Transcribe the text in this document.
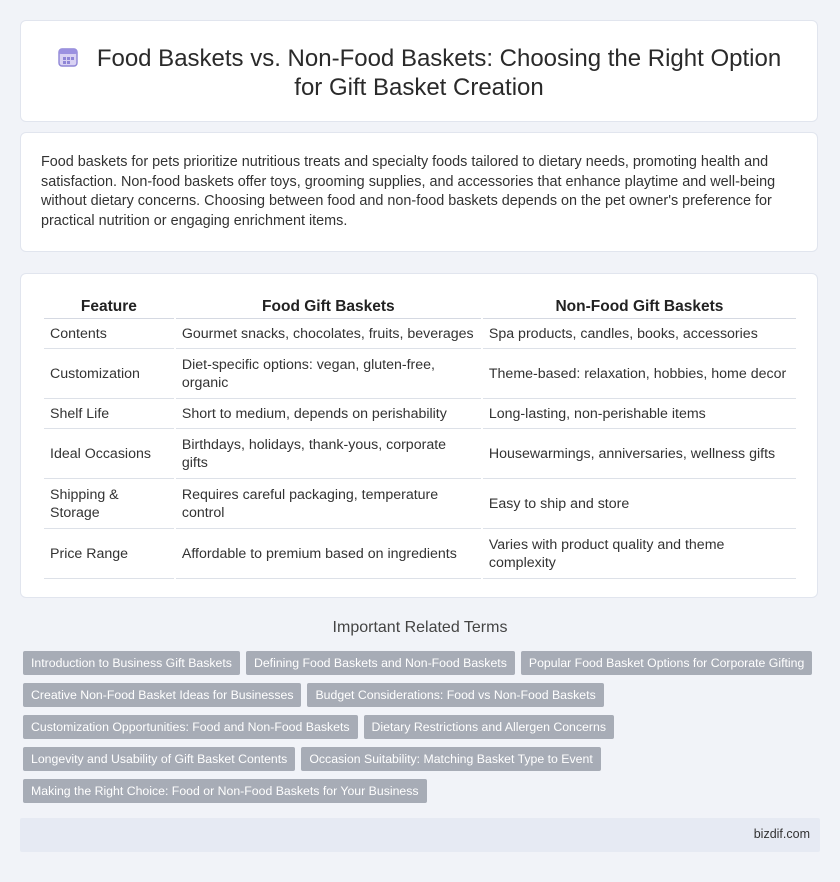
Food Baskets vs. Non-Food Baskets: Choosing the Right Option
for Gift Basket Creation
Food baskets for pets prioritize nutritious treats and specialty foods tailored to dietary needs, promoting health and
satisfaction. Non-food baskets offer toys, grooming supplies, and accessories that enhance playtime and well-being
without dietary concerns. Choosing between food and non-food baskets depends on the pet owner's preference for
practical nutrition or engaging enrichment items.
Feature	Food Gift Baskets	Non-Food Gift Baskets
Contents	Gourmet snacks, chocolates, fruits, beverages	Spa products, candles, books, accessories
Customization	Diet-specific options: vegan, gluten-free, organic	Theme-based: relaxation, hobbies, home decor
Shelf Life	Short to medium, depends on perishability	Long-lasting, non-perishable items
Ideal Occasions	Birthdays, holidays, thank-yous, corporate gifts	Housewarmings, anniversaries, wellness gifts
Shipping & Storage	Requires careful packaging, temperature control	Easy to ship and store
Price Range	Affordable to premium based on ingredients	Varies with product quality and theme complexity
Important Related Terms
Introduction to Business Gift Baskets Defining Food Baskets and Non-Food Baskets Popular Food Basket Options for Corporate Gifting
Creative Non-Food Basket Ideas for Businesses Budget Considerations: Food vs Non-Food Baskets
Customization Opportunities: Food and Non-Food Baskets Dietary Restrictions and Allergen Concerns
Longevity and Usability of Gift Basket Contents Occasion Suitability: Matching Basket Type to Event
Making the Right Choice: Food or Non-Food Baskets for Your Business
bizdif.com
